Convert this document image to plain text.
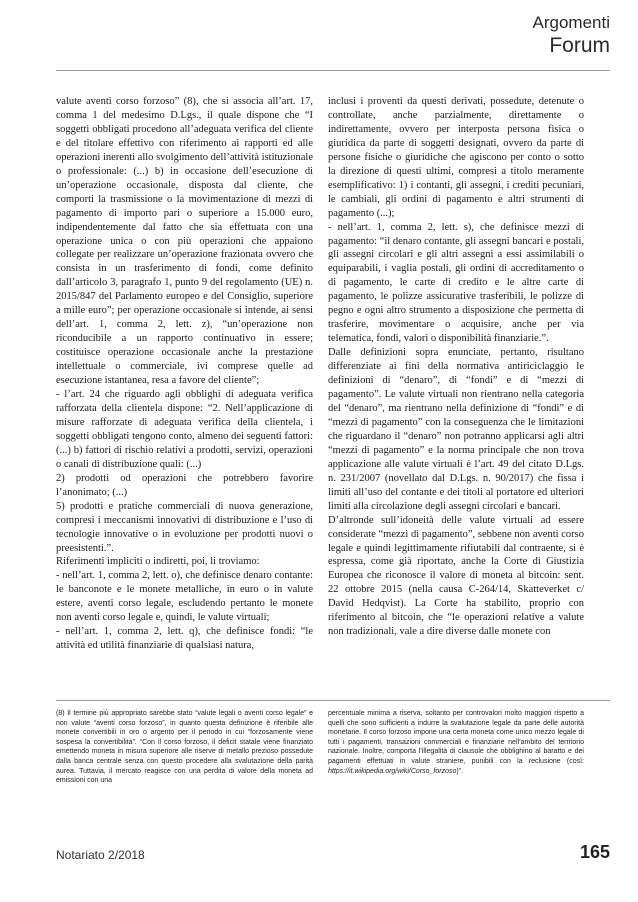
Argomenti
Forum

valute aventi corso forzoso” (8), che si associa all’art. 17, comma 1 del medesimo D.Lgs., il quale dispone che “I soggetti obbligati procedono all’adeguata verifica del cliente e del titolare effettivo con riferimento ai rapporti ed alle operazioni inerenti allo svolgimento dell’attività istituzionale o professionale: (...) b) in occasione dell’esecuzione di un’operazione occasionale, disposta dal cliente, che comporti la trasmissione o la movimentazione di mezzi di pagamento di importo pari o superiore a 15.000 euro, indipendentemente dal fatto che sia effettuata con una operazione unica o con più operazioni che appaiono collegate per realizzare un’operazione frazionata ovvero che consista in un trasferimento di fondi, come definito dall’articolo 3, paragrafo 1, punto 9 del regolamento (UE) n. 2015/847 del Parlamento europeo e del Consiglio, superiore a mille euro”; per operazione occasionale si intende, ai sensi dell’art. 1, comma 2, lett. z), “un’operazione non riconducibile a un rapporto continuativo in essere; costituisce operazione occasionale anche la prestazione intellettuale o commerciale, ivi comprese quelle ad esecuzione istantanea, resa a favore del cliente”;

- l’art. 24 che riguardo agli obblighi di adeguata verifica rafforzata della clientela dispone: “2. Nell’applicazione di misure rafforzate di adeguata verifica della clientela, i soggetti obbligati tengono conto, almeno dei seguenti fattori: (...) b) fattori di rischio relativi a prodotti, servizi, operazioni o canali di distribuzione quali: (...)

2) prodotti od operazioni che potrebbero favorire l’anonimato; (...)

5) prodotti e pratiche commerciali di nuova generazione, compresi i meccanismi innovativi di distribuzione e l’uso di tecnologie innovative o in evoluzione per prodotti nuovi o preesistenti.”.

Riferimenti impliciti o indiretti, poi, li troviamo:

- nell’art. 1, comma 2, lett. o), che definisce denaro contante: le banconote e le monete metalliche, in euro o in valute estere, aventi corso legale, escludendo pertanto le monete non aventi corso legale e, quindi, le valute virtuali;

- nell’art. 1, comma 2, lett. q), che definisce fondi: “le attività ed utilità finanziarie di qualsiasi natura,

inclusi i proventi da questi derivati, possedute, detenute o controllate, anche parzialmente, direttamente o indirettamente, ovvero per interposta persona fisica o giuridica da parte di soggetti designati, ovvero da parte di persone fisiche o giuridiche che agiscono per conto o sotto la direzione di questi ultimi, compresi a titolo meramente esemplificativo: 1) i contanti, gli assegni, i crediti pecuniari, le cambiali, gli ordini di pagamento e altri strumenti di pagamento (...);

- nell’art. 1, comma 2, lett. s), che definisce mezzi di pagamento: “il denaro contante, gli assegni bancari e postali, gli assegni circolari e gli altri assegni a essi assimilabili o equiparabili, i vaglia postali, gli ordini di accreditamento o di pagamento, le carte di credito e le altre carte di pagamento, le polizze assicurative trasferibili, le polizze di pegno e ogni altro strumento a disposizione che permetta di trasferire, movimentare o acquisire, anche per via telematica, fondi, valori o disponibilità finanziarie.”.

Dalle definizioni sopra enunciate, pertanto, risultano differenziate ai fini della normativa antiriciclaggio le definizioni di “denaro”, di “fondi” e di “mezzi di pagamento”. Le valute virtuali non rientrano nella categoria del “denaro”, ma rientrano nella definizione di “fondi” e di “mezzi di pagamento” con la conseguenza che le limitazioni che riguardano il “denaro” non potranno applicarsi agli altri “mezzi di pagamento” e la norma principale che non trova applicazione alle valute virtuali è l’art. 49 del citato D.Lgs. n. 231/2007 (novellato dal D.Lgs. n. 90/2017) che fissa i limiti all’uso del contante e dei titoli al portatore ed ulteriori limiti alla circolazione degli assegni circolari e bancari.

D’altronde sull’idoneità delle valute virtuali ad essere considerate “mezzi di pagamento”, sebbene non aventi corso legale e quindi legittimamente rifiutabili dal contraente, si è espressa, come già riportato, anche la Corte di Giustizia Europea che riconosce il valore di moneta al bitcoin: sent. 22 ottobre 2015 (nella causa C-264/14, Skatteverket c/ David Hedqvist). La Corte ha stabilito, proprio con riferimento al bitcoin, che “le operazioni relative a valute non tradizionali, vale a dire diverse dalle monete con

(8) Il termine più appropriato sarebbe stato “valute legali o aventi corso legale” e non valute “aventi corso forzoso”, in quanto questa definizione è riferibile alle monete convertibili in oro o argento per il periodo in cui “forzosamente viene sospesa la convertibilità”. “Con il corso forzoso, il deficit statale viene finanziato emettendo moneta in misura superiore alle riserve di metallo prezioso possedute dalla banca centrale senza con questo procedere alla svalutazione della parità aurea. Tuttavia, il mercato reagisce con una perdita di valore della moneta ad emissioni con una
percentuale minima a riserva, soltanto per controvalori molto maggiori rispetto a quelli che sono sufficienti a indurre la svalutazione legale da parte delle autorità monetarie. Il corso forzoso impone una certa moneta come unico mezzo legale di tutti i pagamenti, transazioni commerciali e finanziarie nell’ambito del territorio nazionale. Inoltre, comporta l’illegalità di clausole che obblighino al baratto e dei pagamenti effettuati in valute straniere, punibili con la reclusione (così: https://it.wikipedia.org/wiki/Corso_forzoso)”.
Notariato 2/2018	165
